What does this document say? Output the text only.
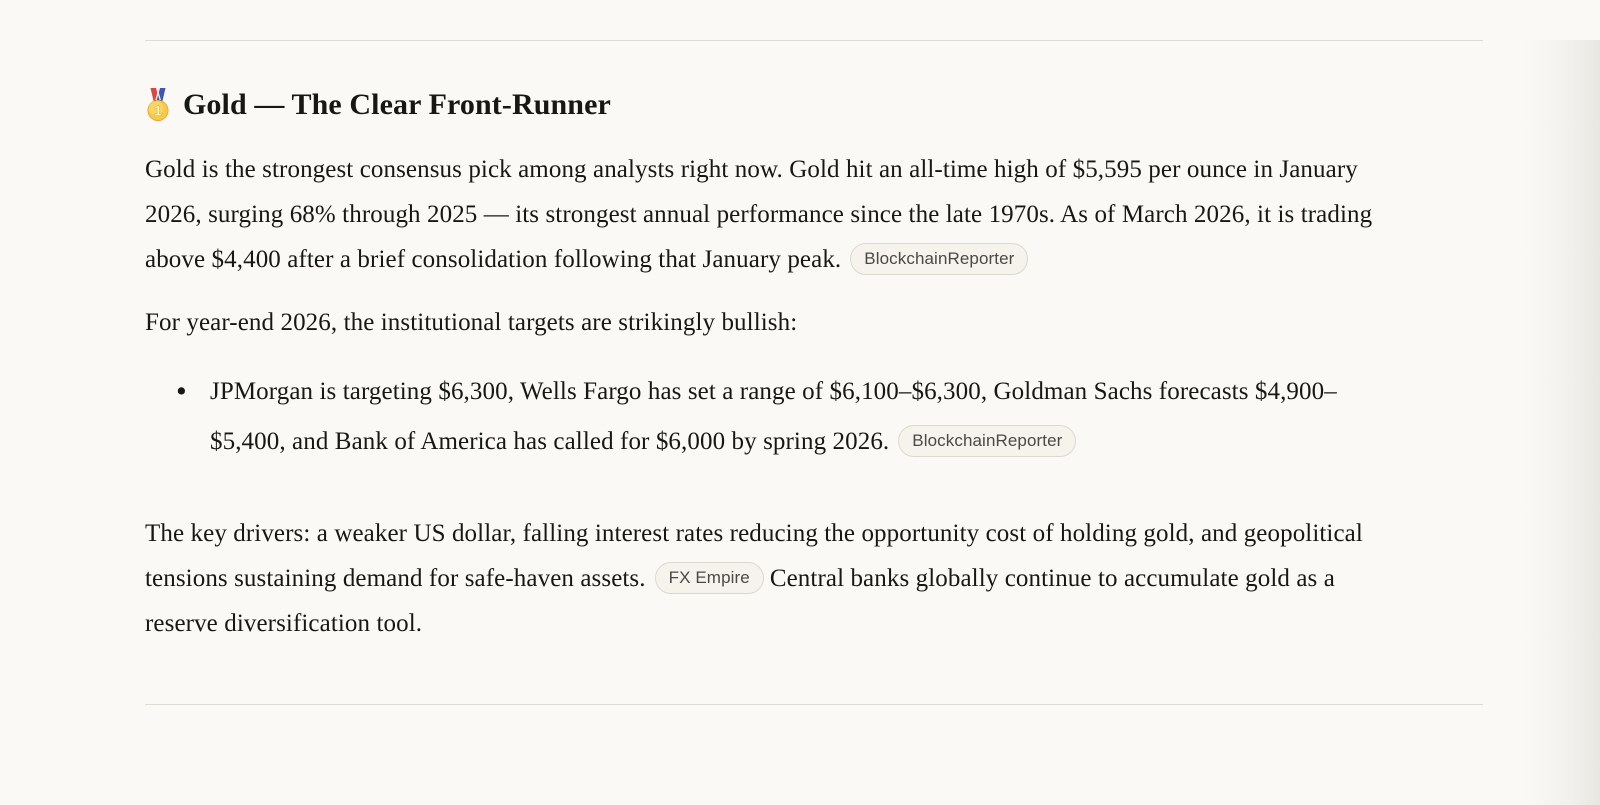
1 Gold — The Clear Front-Runner

Gold is the strongest consensus pick among analysts right now. Gold hit an all-time high of $5,595 per ounce in January 2026, surging 68% through 2025 — its strongest annual performance since the late 1970s. As of March 2026, it is trading above $4,400 after a brief consolidation following that January peak. BlockchainReporter

For year-end 2026, the institutional targets are strikingly bullish:

• JPMorgan is targeting $6,300, Wells Fargo has set a range of $6,100–$6,300, Goldman Sachs forecasts $4,900–$5,400, and Bank of America has called for $6,000 by spring 2026. BlockchainReporter

The key drivers: a weaker US dollar, falling interest rates reducing the opportunity cost of holding gold, and geopolitical tensions sustaining demand for safe-haven assets. FX Empire Central banks globally continue to accumulate gold as a reserve diversification tool.
